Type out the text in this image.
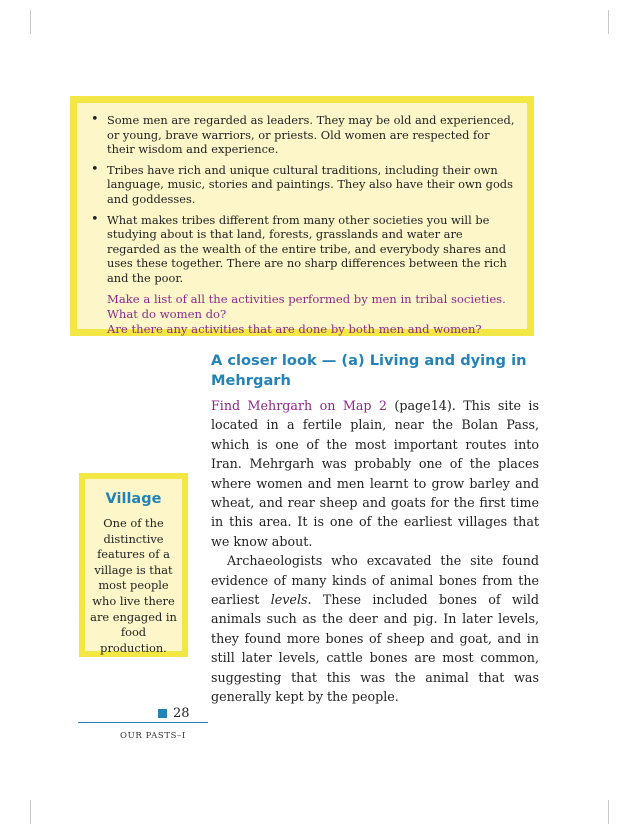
• Some men are regarded as leaders. They may be old and experienced, or young, brave warriors, or priests. Old women are respected for their wisdom and experience.
• Tribes have rich and unique cultural traditions, including their own language, music, stories and paintings. They also have their own gods and goddesses.
• What makes tribes different from many other societies you will be studying about is that land, forests, grasslands and water are regarded as the wealth of the entire tribe, and everybody shares and uses these together. There are no sharp differences between the rich and the poor.
Make a list of all the activities performed by men in tribal societies.
What do women do?
Are there any activities that are done by both men and women?
A closer look — (a) Living and dying in Mehrgarh

Find Mehrgarh on Map 2 (page14). This site is located in a fertile plain, near the Bolan Pass, which is one of the most important routes into Iran. Mehrgarh was probably one of the places where women and men learnt to grow barley and wheat, and rear sheep and goats for the first time in this area. It is one of the earliest villages that we know about.

Archaeologists who excavated the site found evidence of many kinds of animal bones from the earliest levels. These included bones of wild animals such as the deer and pig. In later levels, they found more bones of sheep and goat, and in still later levels, cattle bones are most common, suggesting that this was the animal that was generally kept by the people.

Village
One of the distinctive features of a village is that most people who live there are engaged in food production.
28
OUR PASTS–I
